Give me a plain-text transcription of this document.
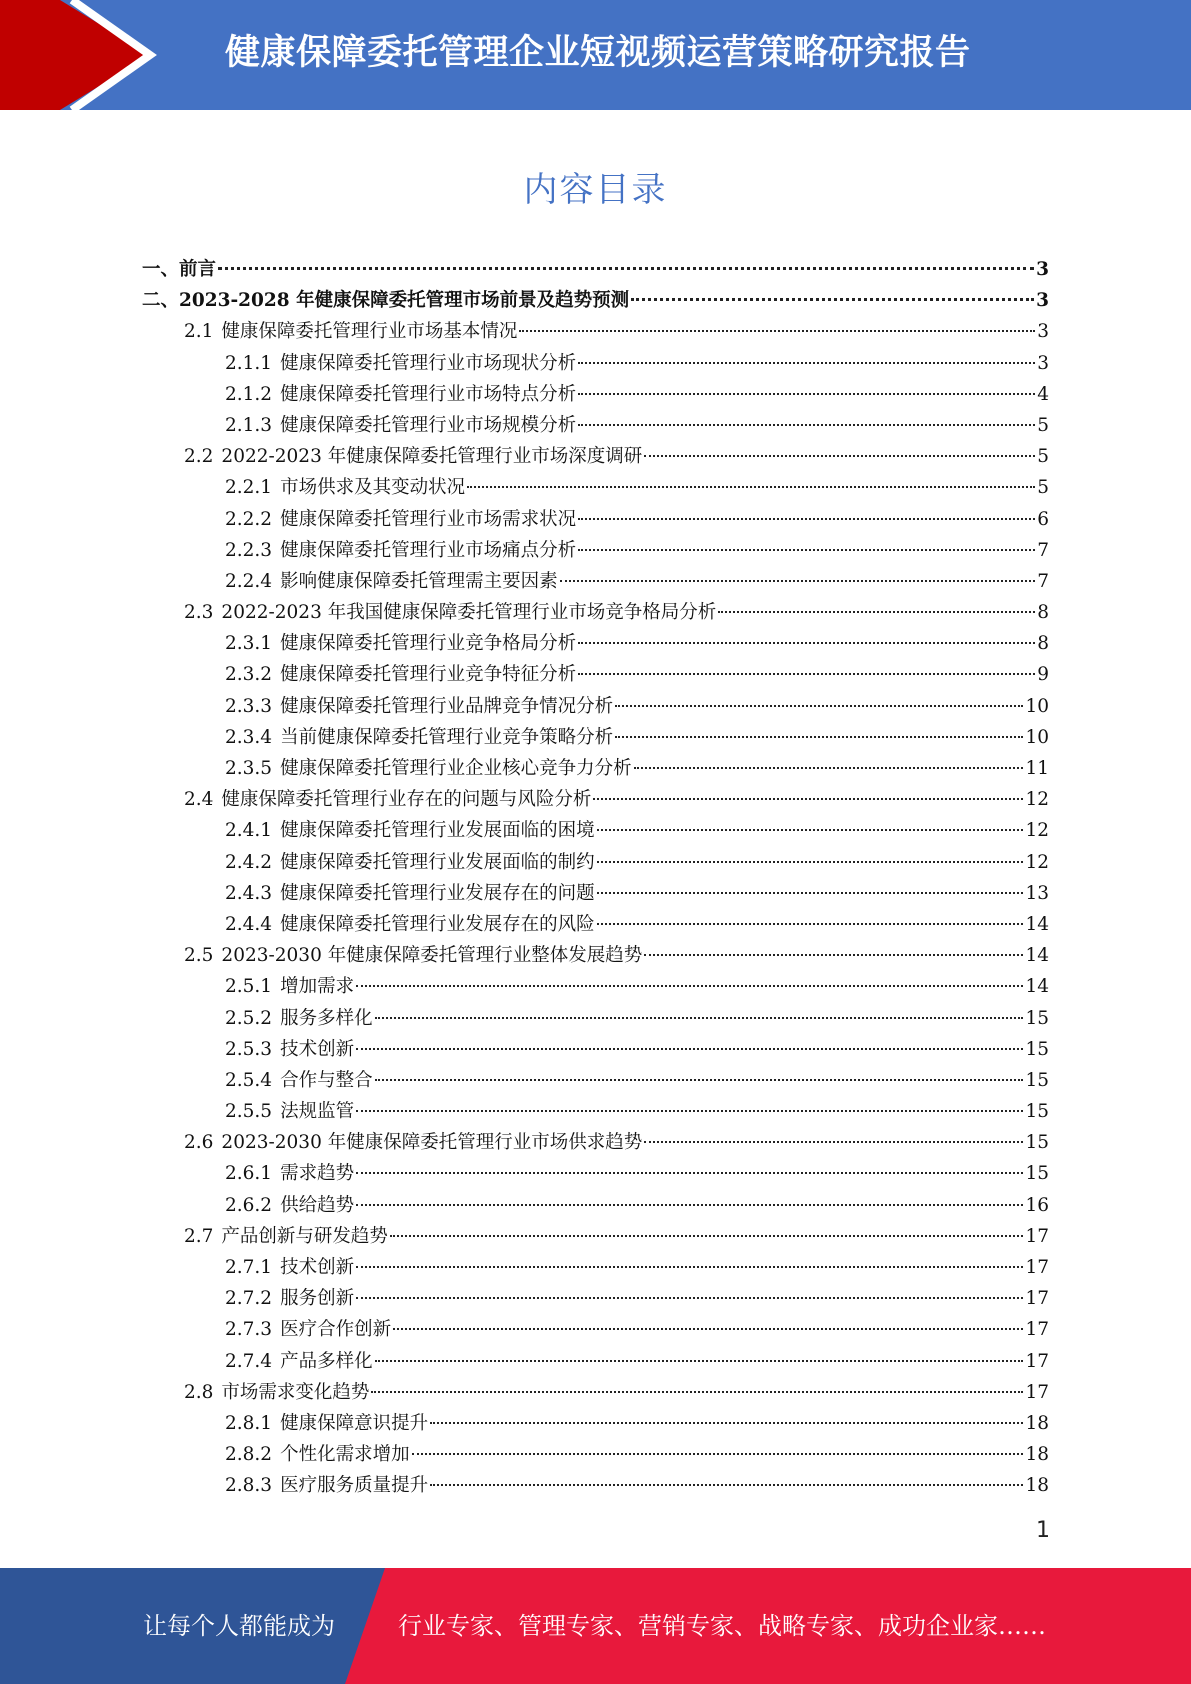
健康保障委托管理企业短视频运营策略研究报告
内容目录
一、前言	3
二、2023-2028 年健康保障委托管理市场前景及趋势预测	3
2.1 健康保障委托管理行业市场基本情况	3
2.1.1 健康保障委托管理行业市场现状分析	3
2.1.2 健康保障委托管理行业市场特点分析	4
2.1.3 健康保障委托管理行业市场规模分析	5
2.2 2022-2023 年健康保障委托管理行业市场深度调研	5
2.2.1 市场供求及其变动状况	5
2.2.2 健康保障委托管理行业市场需求状况	6
2.2.3 健康保障委托管理行业市场痛点分析	7
2.2.4 影响健康保障委托管理需主要因素	7
2.3 2022-2023 年我国健康保障委托管理行业市场竞争格局分析	8
2.3.1 健康保障委托管理行业竞争格局分析	8
2.3.2 健康保障委托管理行业竞争特征分析	9
2.3.3 健康保障委托管理行业品牌竞争情况分析	10
2.3.4 当前健康保障委托管理行业竞争策略分析	10
2.3.5 健康保障委托管理行业企业核心竞争力分析	11
2.4 健康保障委托管理行业存在的问题与风险分析	12
2.4.1 健康保障委托管理行业发展面临的困境	12
2.4.2 健康保障委托管理行业发展面临的制约	12
2.4.3 健康保障委托管理行业发展存在的问题	13
2.4.4 健康保障委托管理行业发展存在的风险	14
2.5 2023-2030 年健康保障委托管理行业整体发展趋势	14
2.5.1 增加需求	14
2.5.2 服务多样化	15
2.5.3 技术创新	15
2.5.4 合作与整合	15
2.5.5 法规监管	15
2.6 2023-2030 年健康保障委托管理行业市场供求趋势	15
2.6.1 需求趋势	15
2.6.2 供给趋势	16
2.7 产品创新与研发趋势	17
2.7.1 技术创新	17
2.7.2 服务创新	17
2.7.3 医疗合作创新	17
2.7.4 产品多样化	17
2.8 市场需求变化趋势	17
2.8.1 健康保障意识提升	18
2.8.2 个性化需求增加	18
2.8.3 医疗服务质量提升	18
1
让每个人都能成为	行业专家、管理专家、营销专家、战略专家、成功企业家……
